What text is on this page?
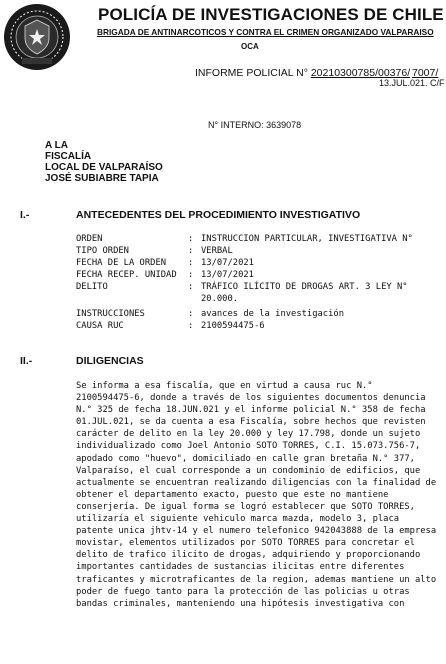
POLICÍA DE INVESTIGACIONES DE CHILE
BRIGADA DE ANTINARCOTICOS Y CONTRA EL CRIMEN ORGANIZADO VALPARAISO
OCA
INFORME POLICIAL N° 20210300785/00376/ 7007/
13.JUL.021. C/F
N° INTERNO: 3639078
A LA
FISCALÍA
LOCAL DE VALPARAÍSO
JOSÉ SUBIABRE TAPIA
I.-	ANTECEDENTES DEL PROCEDIMIENTO INVESTIGATIVO
ORDEN	: INSTRUCCION PARTICULAR, INVESTIGATIVA N°
TIPO ORDEN	: VERBAL
FECHA DE LA ORDEN : 13/07/2021
FECHA RECEP. UNIDAD : 13/07/2021
DELITO	: TRÁFICO ILÍCITO DE DROGAS ART. 3 LEY N°
20.000.
INSTRUCCIONES	: avances de la investigación
CAUSA RUC	: 2100594475-6
II.-	DILIGENCIAS
Se informa a esa fiscalía, que en virtud a causa ruc N.°
2100594475-6, donde a través de los siguientes documentos denuncia
N.° 325 de fecha 18.JUN.021 y el informe policial N.° 358 de fecha
01.JUL.021, se da cuenta a esa Fiscalía, sobre hechos que revisten
carácter de delito en la ley 20.000 y ley 17.798, donde un sujeto
individualizado como Joel Antonio SOTO TORRES, C.I. 15.073.756-7,
apodado como "huevo", domiciliado en calle gran bretaña N.° 377,
Valparaíso, el cual corresponde a un condominio de edificios, que
actualmente se encuentran realizando diligencias con la finalidad de
obtener el departamento exacto, puesto que este no mantiene
conserjería. De igual forma se logró establecer que SOTO TORRES,
utilizaría el siguiente vehiculo marca mazda, modelo 3, placa
patente unica jhtv-14 y el numero telefonico 942043888 de la empresa
movistar, elementos utilizados por SOTO TORRES para concretar el
delito de trafico ilicito de drogas, adquiriendo y proporcionando
importantes cantidades de sustancias ilicitas entre diferentes
traficantes y microtraficantes de la region, ademas mantiene un alto
poder de fuego tanto para la protección de las policias u otras
bandas criminales, manteniendo una hipótesis investigativa con
